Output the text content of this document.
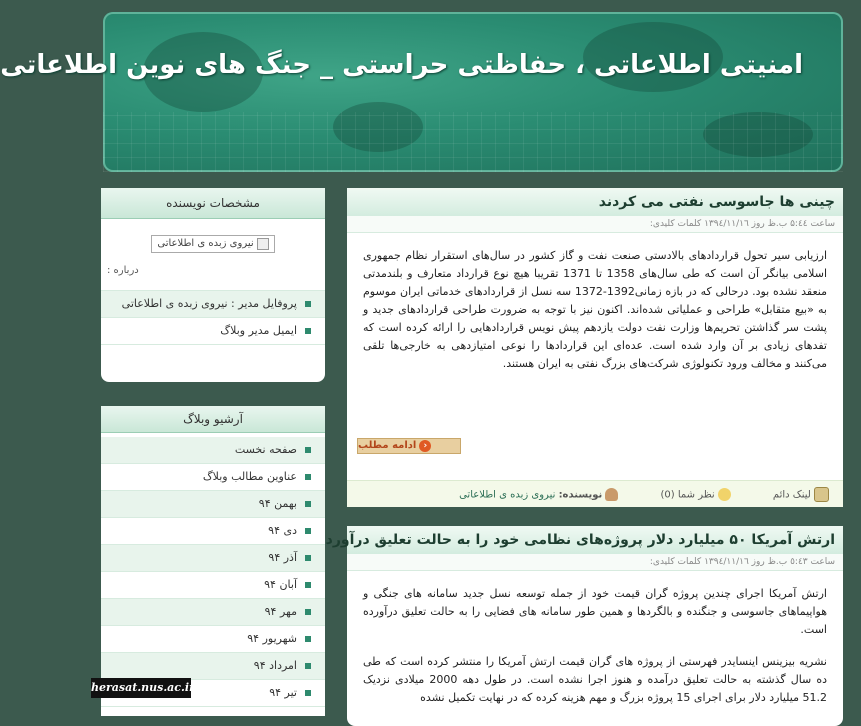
امنیتی اطلاعاتی ، حفاظتی حراستی _ جنگ های نوین اطلاعاتی
مشخصات نویسنده
نیروی زبده ی اطلاعاتی
درباره :
پروفایل مدیر : نیروی زبده ی اطلاعاتی
ایمیل مدیر وبلاگ
آرشیو وبلاگ
صفحه نخست
عناوین مطالب وبلاگ
بهمن ۹۴
دی ۹۴
آذر ۹۴
آبان ۹۴
مهر ۹۴
شهریور ۹۴
امرداد ۹۴
تیر ۹۴
چینی ها جاسوسی نفتی می کردند
ساعت ۵:٤٤ ب.ظ روز ۱۳۹٤/۱۱/۱٦ کلمات کلیدی:
ارزیابی سیر تحول قراردادهای بالادستی صنعت نفت و گاز کشور در سال‌های استقرار نظام جمهوری اسلامی بیانگر آن است که طی سال‌های 1358 تا 1371 تقریبا هیچ نوع قرارداد متعارف و بلندمدتی منعقد نشده بود. درحالی که در بازه زمانی1392-1372 سه نسل از قراردادهای خدماتی ایران موسوم به «بیع متقابل» طراحی و عملیاتی شده‌اند. اکنون نیز با توجه به ضرورت طراحی قراردادهای جدید و پشت سر گذاشتن تحریم‌ها وزارت نفت دولت یازدهم پیش نویس قراردادهایی را ارائه کرده است که تفدهای زیادی بر آن وارد شده است. عده‌ای این قراردادها را نوعی امتیازدهی به خارجی‌ها تلقی می‌کنند و مخالف ورود تکنولوژی شرکت‌های بزرگ نفتی به ایران هستند.
‹
ادامه مطلب
لینک دائم
نظر شما (0)
نویسنده: نیروی زبده ی اطلاعاتی
ارتش آمریکا ۵۰ میلیارد دلار پروژه‌های نظامی خود را به حالت تعلیق درآورد
ساعت ٥:٤٣ ب.ظ روز ۱۳۹٤/۱۱/۱٦ کلمات کلیدی:
ارتش آمریکا اجرای چندین پروژه گران قیمت خود از جمله توسعه نسل جدید سامانه های جنگی و هواپیماهای جاسوسی و جنگنده و بالگردها و همین طور سامانه های فضایی را به حالت تعلیق درآورده است.
نشریه بیزینس اینسایدر فهرستی از پروژه های گران قیمت ارتش آمریکا را منتشر کرده است که طی ده سال گذشته به حالت تعلیق درآمده و هنوز اجرا نشده است. در طول دهه 2000 میلادی نزدیک 51.2 میلیارد دلار برای اجرای 15 پروژه بزرگ و مهم هزینه کرده که در نهایت تکمیل نشده
herasat.nus.ac.ir
